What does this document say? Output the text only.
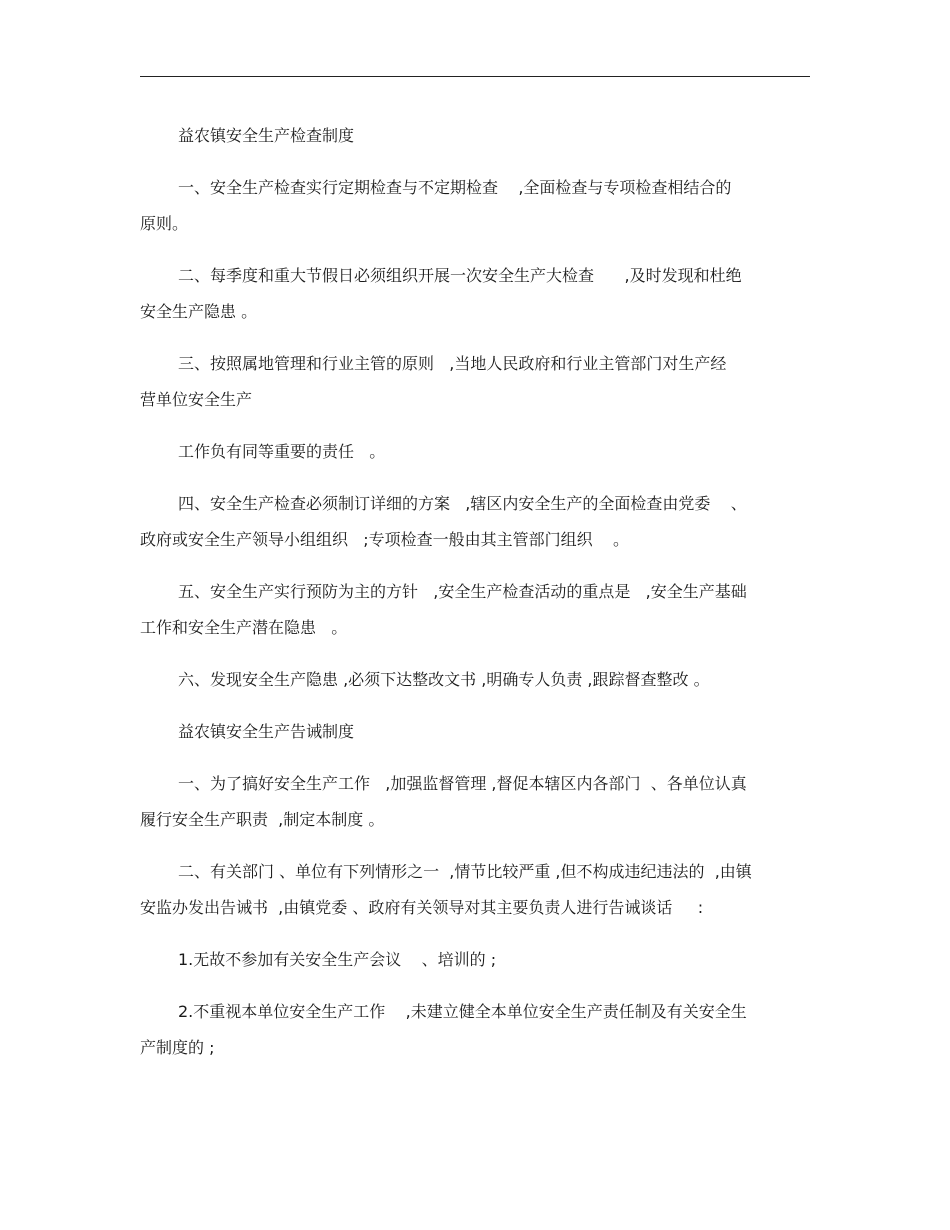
益农镇安全生产检查制度

一、安全生产检查实行定期检查与不定期检查    ,全面检查与专项检查相结合的
原则。

二、每季度和重大节假日必须组织开展一次安全生产大检查      ,及时发现和杜绝
安全生产隐患 。

三、按照属地管理和行业主管的原则   ,当地人民政府和行业主管部门对生产经
营单位安全生产

工作负有同等重要的责任   。

四、安全生产检查必须制订详细的方案   ,辖区内安全生产的全面检查由党委    、
政府或安全生产领导小组组织   ;专项检查一般由其主管部门组织    。

五、安全生产实行预防为主的方针   ,安全生产检查活动的重点是   ,安全生产基础
工作和安全生产潜在隐患   。

六、发现安全生产隐患 ,必须下达整改文书 ,明确专人负责 ,跟踪督查整改 。

益农镇安全生产告诫制度

一、为了搞好安全生产工作   ,加强监督管理 ,督促本辖区内各部门  、各单位认真
履行安全生产职责  ,制定本制度 。

二、有关部门 、单位有下列情形之一  ,情节比较严重 ,但不构成违纪违法的  ,由镇
安监办发出告诫书  ,由镇党委 、政府有关领导对其主要负责人进行告诫谈话     :

1.无故不参加有关安全生产会议    、培训的 ;

2.不重视本单位安全生产工作    ,未建立健全本单位安全生产责任制及有关安全生
产制度的 ;
